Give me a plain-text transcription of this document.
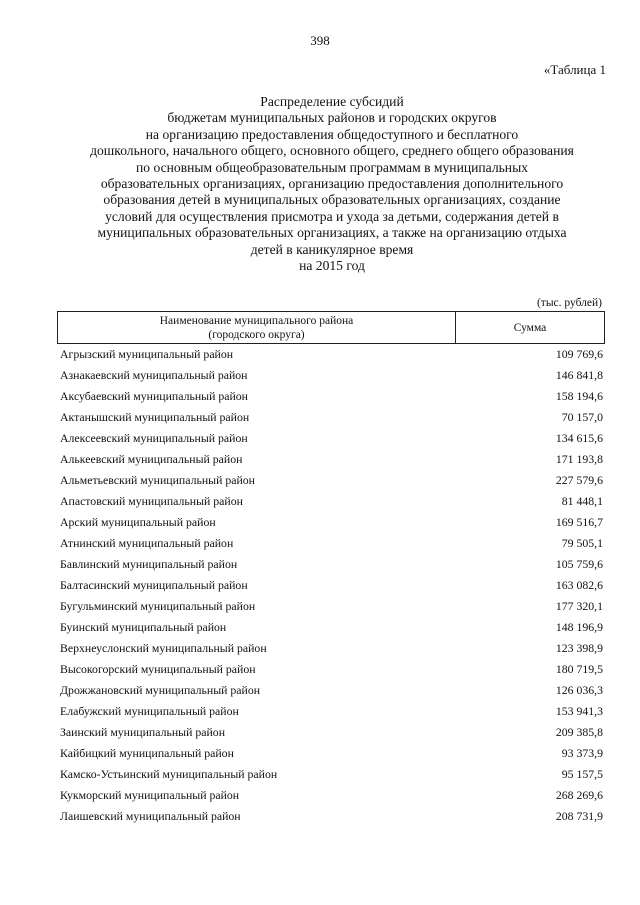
398
«Таблица 1
Распределение субсидий
бюджетам муниципальных районов и городских округов
на организацию предоставления общедоступного и бесплатного
дошкольного, начального общего, основного общего, среднего общего образования
по основным общеобразовательным программам в муниципальных
образовательных организациях, организацию предоставления дополнительного
образования детей в муниципальных образовательных организациях, создание
условий для осуществления присмотра и ухода за детьми, содержания детей в
муниципальных образовательных организациях, а также на организацию отдыха
детей в каникулярное время
на 2015 год
(тыс. рублей)
Наименование муниципального района
(городского округа)
Сумма
Агрызский муниципальный район	109 769,6
Азнакаевский муниципальный район	146 841,8
Аксубаевский муниципальный район	158 194,6
Актанышский муниципальный район	70 157,0
Алексеевский муниципальный район	134 615,6
Алькеевский муниципальный район	171 193,8
Альметьевский муниципальный район	227 579,6
Апастовский муниципальный район	81 448,1
Арский муниципальный район	169 516,7
Атнинский муниципальный район	79 505,1
Бавлинский муниципальный район	105 759,6
Балтасинский муниципальный район	163 082,6
Бугульминский муниципальный район	177 320,1
Буинский муниципальный район	148 196,9
Верхнеуслонский муниципальный район	123 398,9
Высокогорский муниципальный район	180 719,5
Дрожжановский муниципальный район	126 036,3
Елабужский муниципальный район	153 941,3
Заинский муниципальный район	209 385,8
Кайбицкий муниципальный район	93 373,9
Камско-Устьинский муниципальный район	95 157,5
Кукморский муниципальный район	268 269,6
Лаишевский муниципальный район	208 731,9
